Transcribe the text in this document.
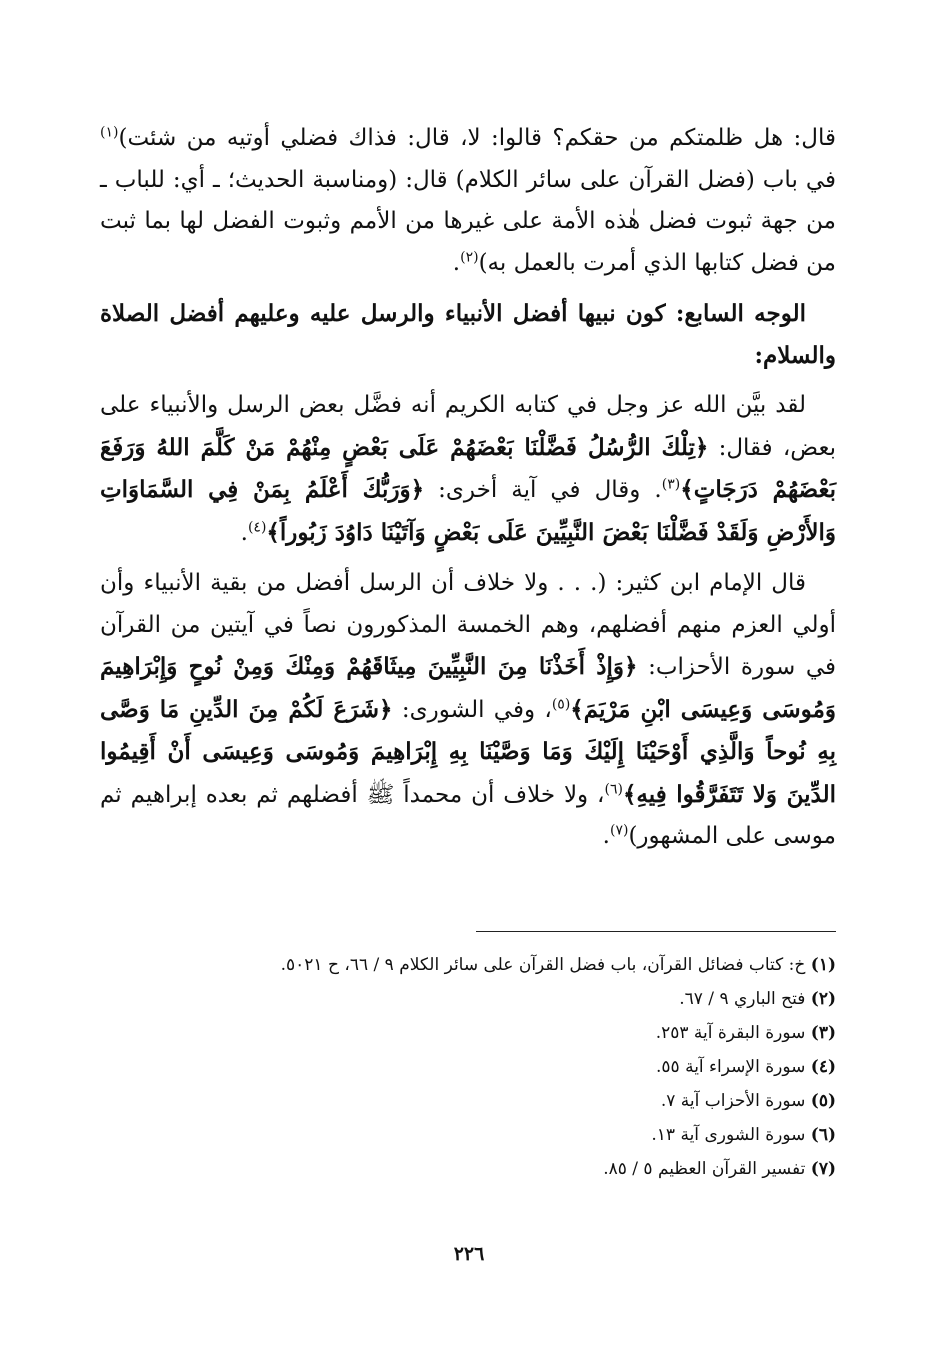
قال: هل ظلمتكم من حقكم؟ قالوا: لا، قال: فذاك فضلي أوتيه من شئت)$^{(١)}$ في باب (فضل القرآن على سائر الكلام) قال: (ومناسبة الحديث؛ ـ أي: للباب ـ من جهة ثبوت فضل هٰذه الأمة على غيرها من الأمم وثبوت الفضل لها بما ثبت من فضل كتابها الذي أمرت بالعمل به)$^{(٢)}$.

الوجه السابع: كون نبيها أفضل الأنبياء والرسل عليه وعليهم أفضل الصلاة والسلام:

لقد بيَّن الله عز وجل في كتابه الكريم أنه فضَّل بعض الرسل والأنبياء على بعض، فقال: ﴿تِلْكَ الرُّسُلُ فَضَّلْنَا بَعْضَهُمْ عَلَى بَعْضٍ مِنْهُمْ مَنْ كَلَّمَ اللهُ وَرَفَعَ بَعْضَهُمْ دَرَجَاتٍ﴾$^{(٣)}$. وقال في آية أخرى: ﴿وَرَبُّكَ أَعْلَمُ بِمَنْ فِي السَّمَاوَاتِ وَالأَرْضِ وَلَقَدْ فَضَّلْنَا بَعْضَ النَّبِيِّينَ عَلَى بَعْضٍ وَآتَيْنَا دَاوُدَ زَبُوراً﴾$^{(٤)}$.

قال الإمام ابن كثير: (. . . ولا خلاف أن الرسل أفضل من بقية الأنبياء وأن أولي العزم منهم أفضلهم، وهم الخمسة المذكورون نصاً في آيتين من القرآن في سورة الأحزاب: ﴿وَإِذْ أَخَذْنَا مِنَ النَّبِيِّينَ مِيثَاقَهُمْ وَمِنْكَ وَمِنْ نُوحٍ وَإِبْرَاهِيمَ وَمُوسَى وَعِيسَى ابْنِ مَرْيَمَ﴾$^{(٥)}$، وفي الشورى: ﴿شَرَعَ لَكُمْ مِنَ الدِّينِ مَا وَصَّى بِهِ نُوحاً وَالَّذِي أَوْحَيْنَا إِلَيْكَ وَمَا وَصَّيْنَا بِهِ إِبْرَاهِيمَ وَمُوسَى وَعِيسَى أَنْ أَقِيمُوا الدِّينَ وَلا تَتَفَرَّقُوا فِيهِ﴾$^{(٦)}$، ولا خلاف أن محمداً ﷺ أفضلهم ثم بعده إبراهيم ثم موسى على المشهور)$^{(٧)}$.

(١) خ: كتاب فضائل القرآن، باب فضل القرآن على سائر الكلام ٩ / ٦٦، ح ٥٠٢١.
(٢) فتح الباري ٩ / ٦٧.
(٣) سورة البقرة آية ٢٥٣.
(٤) سورة الإسراء آية ٥٥.
(٥) سورة الأحزاب آية ٧.
(٦) سورة الشورى آية ١٣.
(٧) تفسير القرآن العظيم ٥ / ٨٥.
٢٢٦
